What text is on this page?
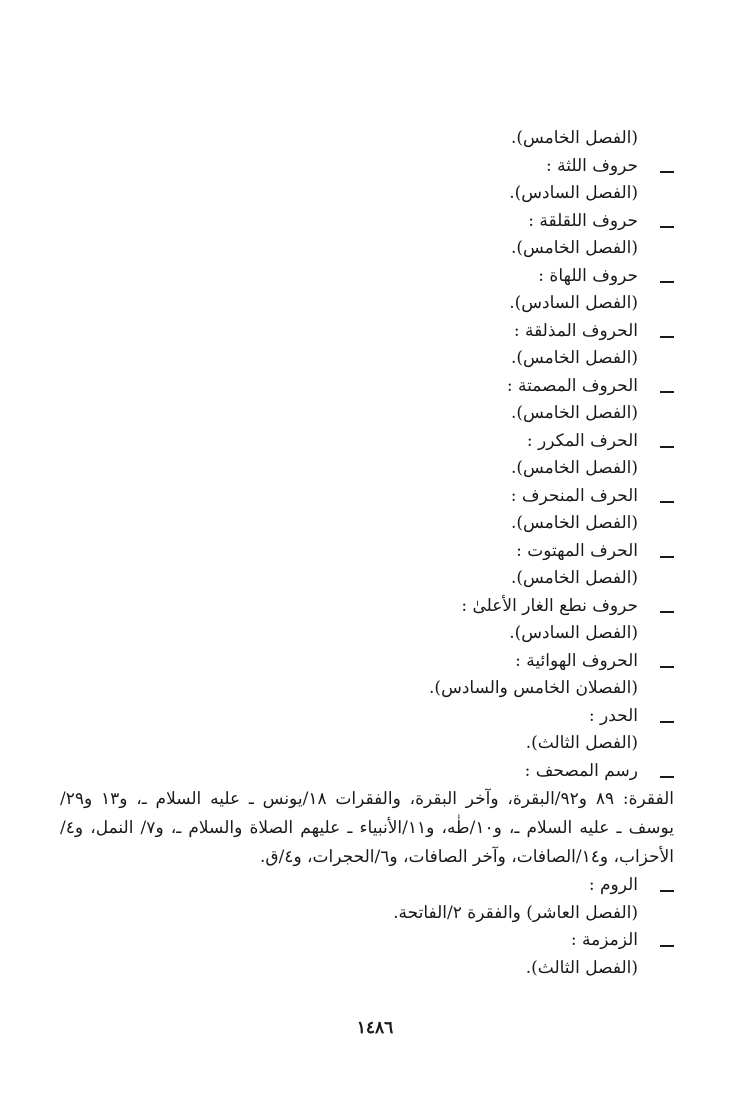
(الفصل الخامس).
حروف اللثة :
(الفصل السادس).
حروف اللقلقة :
(الفصل الخامس).
حروف اللهاة :
(الفصل السادس).
الحروف المذلقة :
(الفصل الخامس).
الحروف المصمتة :
(الفصل الخامس).
الحرف المكرر :
(الفصل الخامس).
الحرف المنحرف :
(الفصل الخامس).
الحرف المهتوت :
(الفصل الخامس).
حروف نطع الغار الأعلىٰ :
(الفصل السادس).
الحروف الهوائية :
(الفصلان الخامس والسادس).
الحدر :
(الفصل الثالث).
رسم المصحف :
الفقرة: ٨٩ و٩٢/البقرة، وآخر البقرة، والفقرات ١٨/يونس ـ عليه السلام ـ، و١٣ و٢٩/يوسف ـ عليه السلام ـ، و١٠/طٰه، و١١/الأنبياء ـ عليهم الصلاة والسلام ـ، و٧/ النمل، و٤/الأحزاب، و١٤/الصافات، وآخر الصافات، و٦/الحجرات، و٤/ق.
الروم :
(الفصل العاشر) والفقرة ٢/الفاتحة.
الزمزمة :
(الفصل الثالث).
١٤٨٦
